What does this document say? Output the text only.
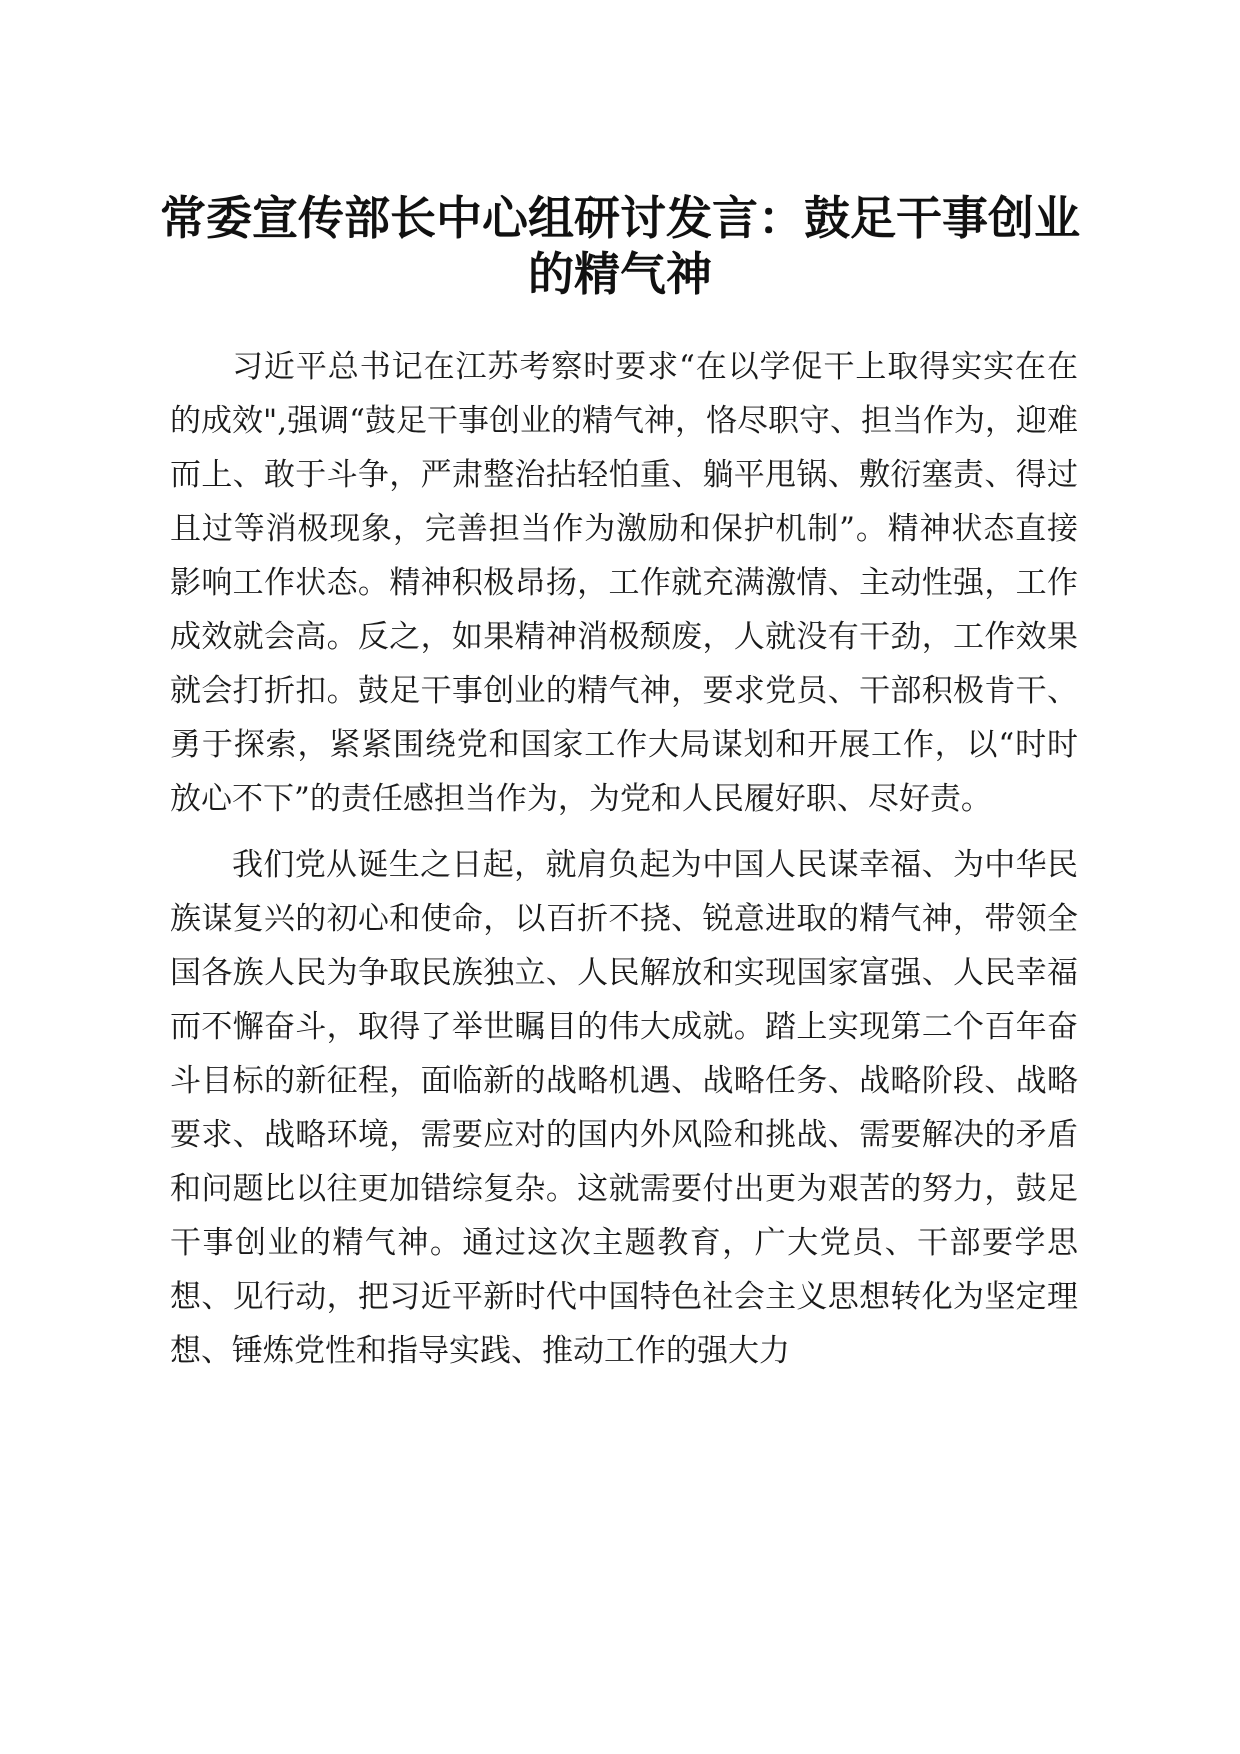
常委宣传部长中心组研讨发言：鼓足干事创业的精气神

习近平总书记在江苏考察时要求“在以学促干上取得实实在在的成效",强调“鼓足干事创业的精气神，恪尽职守、担当作为，迎难而上、敢于斗争，严肃整治拈轻怕重、躺平甩锅、敷衍塞责、得过且过等消极现象，完善担当作为激励和保护机制”。精神状态直接影响工作状态。精神积极昂扬，工作就充满激情、主动性强，工作成效就会高。反之，如果精神消极颓废，人就没有干劲，工作效果就会打折扣。鼓足干事创业的精气神，要求党员、干部积极肯干、勇于探索，紧紧围绕党和国家工作大局谋划和开展工作，以“时时放心不下”的责任感担当作为，为党和人民履好职、尽好责。

我们党从诞生之日起，就肩负起为中国人民谋幸福、为中华民族谋复兴的初心和使命，以百折不挠、锐意进取的精气神，带领全国各族人民为争取民族独立、人民解放和实现国家富强、人民幸福而不懈奋斗，取得了举世瞩目的伟大成就。踏上实现第二个百年奋斗目标的新征程，面临新的战略机遇、战略任务、战略阶段、战略要求、战略环境，需要应对的国内外风险和挑战、需要解决的矛盾和问题比以往更加错综复杂。这就需要付出更为艰苦的努力，鼓足干事创业的精气神。通过这次主题教育，广大党员、干部要学思想、见行动，把习近平新时代中国特色社会主义思想转化为坚定理想、锤炼党性和指导实践、推动工作的强大力
